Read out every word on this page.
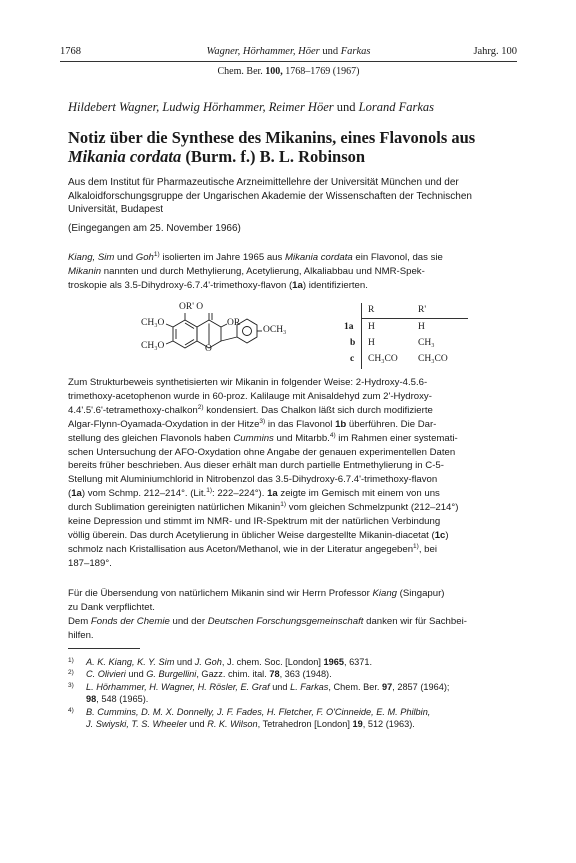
1768	Wagner, Hörhammer, Höer und Farkas	Jahrg. 100
Chem. Ber. 100, 1768–1769 (1967)
Hildebert Wagner, Ludwig Hörhammer, Reimer Höer und Lorand Farkas
Notiz über die Synthese des Mikanins, eines Flavonols aus
Mikania cordata (Burm. f.) B. L. Robinson

Aus dem Institut für Pharmazeutische Arzneimittellehre der Universität München und der

Alkaloidforschungsgruppe der Ungarischen Akademie der Wissenschaften der Technischen

Universität, Budapest

(Eingegangen am 25. November 1966)

Kiang, Sim und Goh$^{1)}$ isolierten im Jahre 1965 aus Mikania cordata ein Flavonol, das sie

Mikanin nannten und durch Methylierung, Acetylierung, Alkaliabbau und NMR-Spek-

troskopie als 3.5-Dihydroxy-6.7.4'-trimethoxy-flavon (1a) identifizierten.

OR' O
CH₃O	OR
CH₃O	O
OCH₃
R	R'
1a H	H
b H	CH₃
c CH₃CO CH₃CO

Zum Strukturbeweis synthetisierten wir Mikanin in folgender Weise: 2-Hydroxy-4.5.6-

trimethoxy-acetophenon wurde in 60-proz. Kalilauge mit Anisaldehyd zum 2'-Hydroxy-

4.4'.5'.6'-tetramethoxy-chalkon$^{2)}$ kondensiert. Das Chalkon läßt sich durch modifizierte

Algar-Flynn-Oyamada-Oxydation in der Hitze$^{3)}$ in das Flavonol 1b überführen. Die Dar-

stellung des gleichen Flavonols haben Cummins und Mitarbb.$^{4)}$ im Rahmen einer systemati-

schen Untersuchung der AFO-Oxydation ohne Angabe der genauen experimentellen Daten

bereits früher beschrieben. Aus dieser erhält man durch partielle Entmethylierung in C-5-

Stellung mit Aluminiumchlorid in Nitrobenzol das 3.5-Dihydroxy-6.7.4'-trimethoxy-flavon

(1a) vom Schmp. 212–214°. (Lit.$^{1)}$: 222–224°). 1a zeigte im Gemisch mit einem von uns

durch Sublimation gereinigten natürlichen Mikanin$^{1)}$ vom gleichen Schmelzpunkt (212–214°)

keine Depression und stimmt im NMR- und IR-Spektrum mit der natürlichen Verbindung

völlig überein. Das durch Acetylierung in üblicher Weise dargestellte Mikanin-diacetat (1c)

schmolz nach Kristallisation aus Aceton/Methanol, wie in der Literatur angegeben$^{1)}$, bei

187–189°.

Für die Übersendung von natürlichem Mikanin sind wir Herrn Professor Kiang (Singapur)

zu Dank verpflichtet.

Dem Fonds der Chemie und der Deutschen Forschungsgemeinschaft danken wir für Sachbei-

hilfen.

1) A. K. Kiang, K. Y. Sim und J. Goh, J. chem. Soc. [London] 1965, 6371.
2) C. Olivieri und G. Burgellini, Gazz. chim. ital. 78, 363 (1948).
3) L. Hörhammer, H. Wagner, H. Rösler, E. Graf und L. Farkas, Chem. Ber. 97, 2857 (1964);
98, 548 (1965).
4) B. Cummins, D. M. X. Donnelly, J. F. Fades, H. Fletcher, F. O'Cinneide, E. M. Philbin,
J. Swiyski, T. S. Wheeler und R. K. Wilson, Tetrahedron [London] 19, 512 (1963).
